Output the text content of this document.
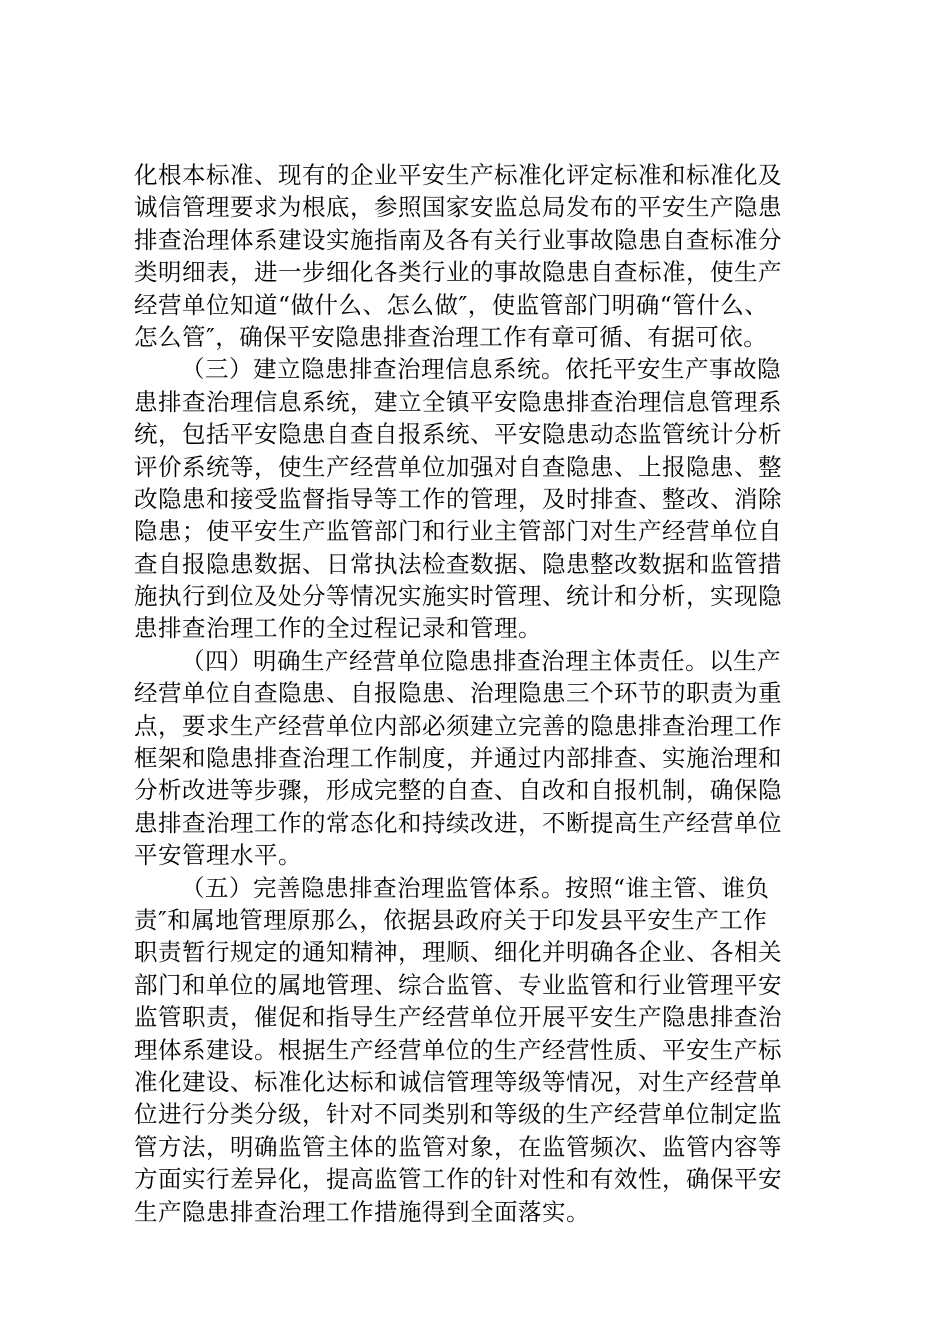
化根本标准、现有的企业平安生产标准化评定标准和标准化及
诚信管理要求为根底，参照国家安监总局发布的平安生产隐患
排查治理体系建设实施指南及各有关行业事故隐患自查标准分
类明细表，进一步细化各类行业的事故隐患自查标准，使生产
经营单位知道“做什么、怎么做″，使监管部门明确“管什么、
怎么管″，确保平安隐患排查治理工作有章可循、有据可依。
（三）建立隐患排查治理信息系统。依托平安生产事故隐
患排查治理信息系统，建立全镇平安隐患排查治理信息管理系
统，包括平安隐患自查自报系统、平安隐患动态监管统计分析
评价系统等，使生产经营单位加强对自查隐患、上报隐患、整
改隐患和接受监督指导等工作的管理，及时排查、整改、消除
隐患；使平安生产监管部门和行业主管部门对生产经营单位自
查自报隐患数据、日常执法检查数据、隐患整改数据和监管措
施执行到位及处分等情况实施实时管理、统计和分析，实现隐
患排查治理工作的全过程记录和管理。
（四）明确生产经营单位隐患排查治理主体责任。以生产
经营单位自查隐患、自报隐患、治理隐患三个环节的职责为重
点，要求生产经营单位内部必须建立完善的隐患排查治理工作
框架和隐患排查治理工作制度，并通过内部排查、实施治理和
分析改进等步骤，形成完整的自查、自改和自报机制，确保隐
患排查治理工作的常态化和持续改进，不断提高生产经营单位
平安管理水平。
（五）完善隐患排查治理监管体系。按照“谁主管、谁负
责″和属地管理原那么，依据县政府关于印发县平安生产工作
职责暂行规定的通知精神，理顺、细化并明确各企业、各相关
部门和单位的属地管理、综合监管、专业监管和行业管理平安
监管职责，催促和指导生产经营单位开展平安生产隐患排查治
理体系建设。根据生产经营单位的生产经营性质、平安生产标
准化建设、标准化达标和诚信管理等级等情况，对生产经营单
位进行分类分级，针对不同类别和等级的生产经营单位制定监
管方法，明确监管主体的监管对象，在监管频次、监管内容等
方面实行差异化，提高监管工作的针对性和有效性，确保平安
生产隐患排查治理工作措施得到全面落实。
